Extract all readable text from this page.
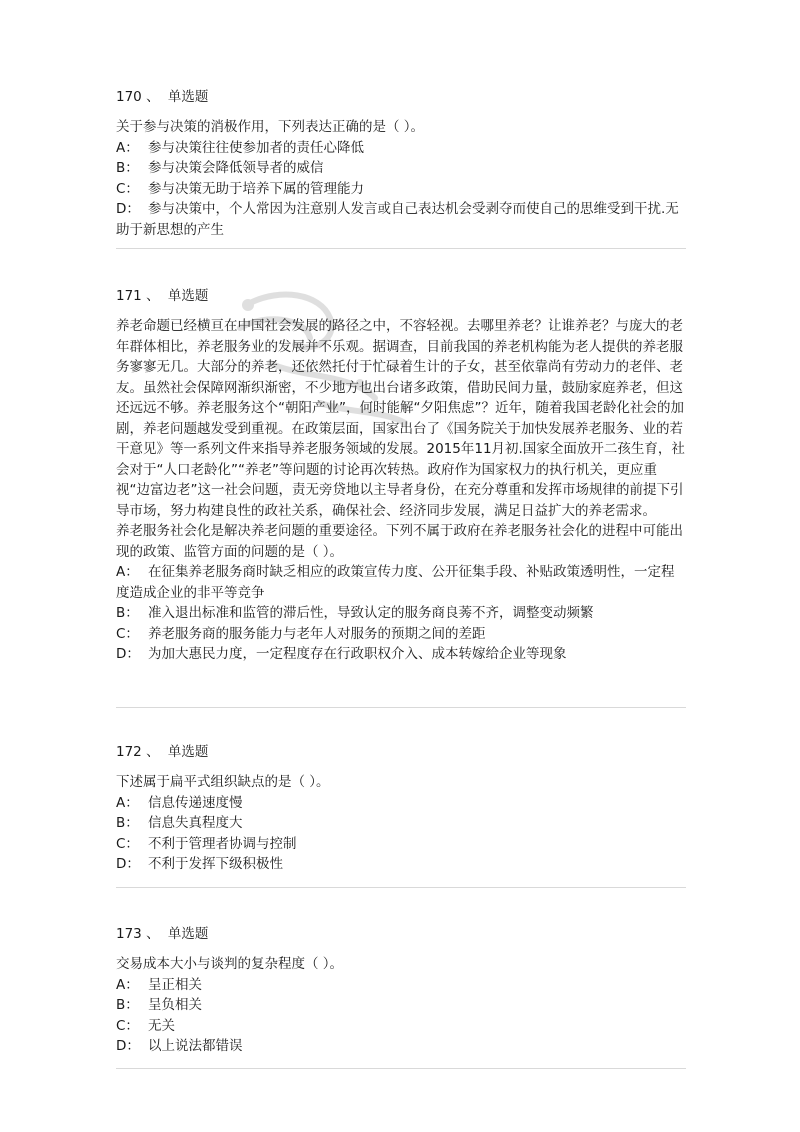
170 、 单选题

关于参与决策的消极作用，下列表达正确的是（ ）。

A： 参与决策往往使参加者的责任心降低
B： 参与决策会降低领导者的威信
C： 参与决策无助于培养下属的管理能力
D： 参与决策中，个人常因为注意别人发言或自己表达机会受剥夺而使自己的思维受到干扰.无助于新思想的产生
171 、 单选题

养老命题已经横亘在中国社会发展的路径之中，不容轻视。去哪里养老？让谁养老？与庞大的老年群体相比，养老服务业的发展并不乐观。据调查，目前我国的养老机构能为老人提供的养老服务寥寥无几。大部分的养老，还依然托付于忙碌着生计的子女，甚至依靠尚有劳动力的老伴、老友。虽然社会保障网渐织渐密，不少地方也出台诸多政策，借助民间力量，鼓励家庭养老，但这还远远不够。养老服务这个“朝阳产业”，何时能解“夕阳焦虑”？近年，随着我国老龄化社会的加剧，养老问题越发受到重视。在政策层面，国家出台了《国务院关于加快发展养老服务、业的若干意见》等一系列文件来指导养老服务领域的发展。2015年11月初.国家全面放开二孩生育，社会对于“人口老龄化”“养老”等问题的讨论再次转热。政府作为国家权力的执行机关，更应重视“边富边老”这一社会问题，责无旁贷地以主导者身份，在充分尊重和发挥市场规律的前提下引导市场，努力构建良性的政社关系，确保社会、经济同步发展，满足日益扩大的养老需求。

养老服务社会化是解决养老问题的重要途径。下列不属于政府在养老服务社会化的进程中可能出现的政策、监管方面的问题的是（ ）。

A： 在征集养老服务商时缺乏相应的政策宣传力度、公开征集手段、补贴政策透明性，一定程度造成企业的非平等竞争
B： 准入退出标准和监管的滞后性，导致认定的服务商良莠不齐，调整变动频繁
C： 养老服务商的服务能力与老年人对服务的预期之间的差距
D： 为加大惠民力度，一定程度存在行政职权介入、成本转嫁给企业等现象
172 、 单选题

下述属于扁平式组织缺点的是（ ）。

A： 信息传递速度慢
B： 信息失真程度大
C： 不利于管理者协调与控制
D： 不利于发挥下级积极性
173 、 单选题

交易成本大小与谈判的复杂程度（ ）。

A： 呈正相关
B： 呈负相关
C： 无关
D： 以上说法都错误
